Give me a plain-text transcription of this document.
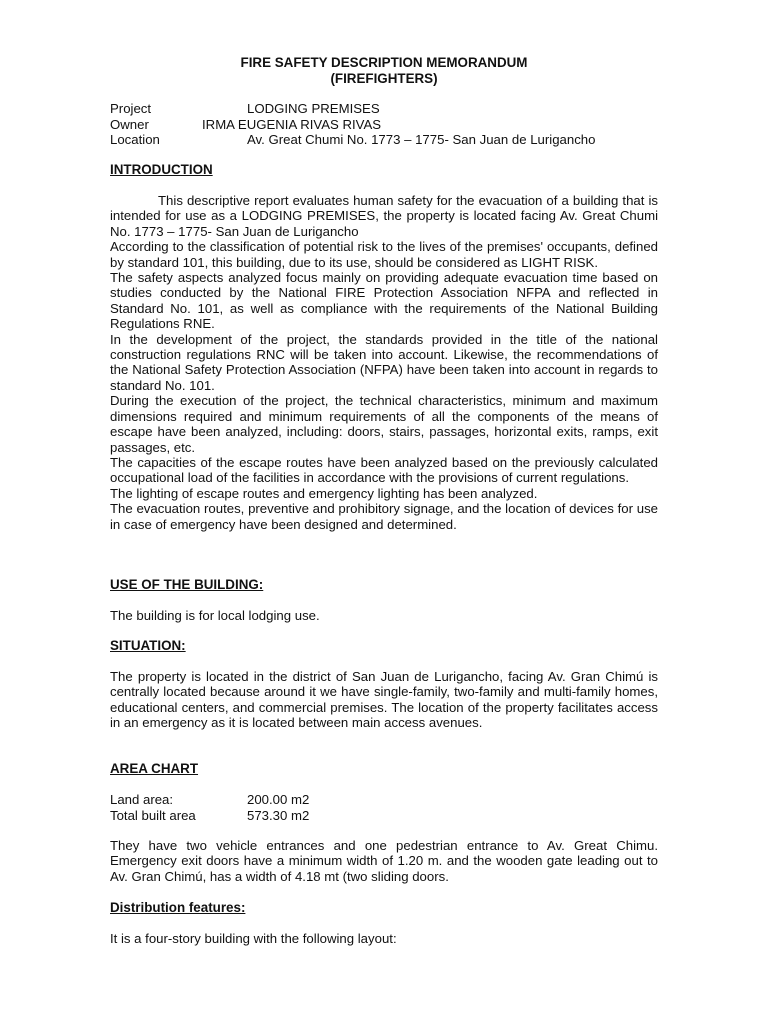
FIRE SAFETY DESCRIPTION MEMORANDUM
(FIREFIGHTERS)
Project	LODGING PREMISES
Owner	IRMA EUGENIA RIVAS RIVAS
Location	Av. Great Chumi No. 1773 – 1775- San Juan de Lurigancho
INTRODUCTION

This descriptive report evaluates human safety for the evacuation of a building that is intended for use as a LODGING PREMISES, the property is located facing Av. Great Chumi No. 1773 – 1775- San Juan de Lurigancho

According to the classification of potential risk to the lives of the premises' occupants, defined by standard 101, this building, due to its use, should be considered as LIGHT RISK.

The safety aspects analyzed focus mainly on providing adequate evacuation time based on studies conducted by the National FIRE Protection Association NFPA and reflected in Standard No. 101, as well as compliance with the requirements of the National Building Regulations RNE.

In the development of the project, the standards provided in the title of the national construction regulations RNC will be taken into account. Likewise, the recommendations of the National Safety Protection Association (NFPA) have been taken into account in regards to standard No. 101.

During the execution of the project, the technical characteristics, minimum and maximum dimensions required and minimum requirements of all the components of the means of escape have been analyzed, including: doors, stairs, passages, horizontal exits, ramps, exit passages, etc.

The capacities of the escape routes have been analyzed based on the previously calculated occupational load of the facilities in accordance with the provisions of current regulations.

The lighting of escape routes and emergency lighting has been analyzed.

The evacuation routes, preventive and prohibitory signage, and the location of devices for use in case of emergency have been designed and determined.

USE OF THE BUILDING:
The building is for local lodging use.
SITUATION:
The property is located in the district of San Juan de Lurigancho, facing Av. Gran Chimú is centrally located because around it we have single-family, two-family and multi-family homes, educational centers, and commercial premises. The location of the property facilitates access in an emergency as it is located between main access avenues.
AREA CHART
Land area:	200.00 m2
Total built area	573.30 m2
They have two vehicle entrances and one pedestrian entrance to Av. Great Chimu. Emergency exit doors have a minimum width of 1.20 m. and the wooden gate leading out to Av. Gran Chimú, has a width of 4.18 mt (two sliding doors.
Distribution features:
It is a four-story building with the following layout:
